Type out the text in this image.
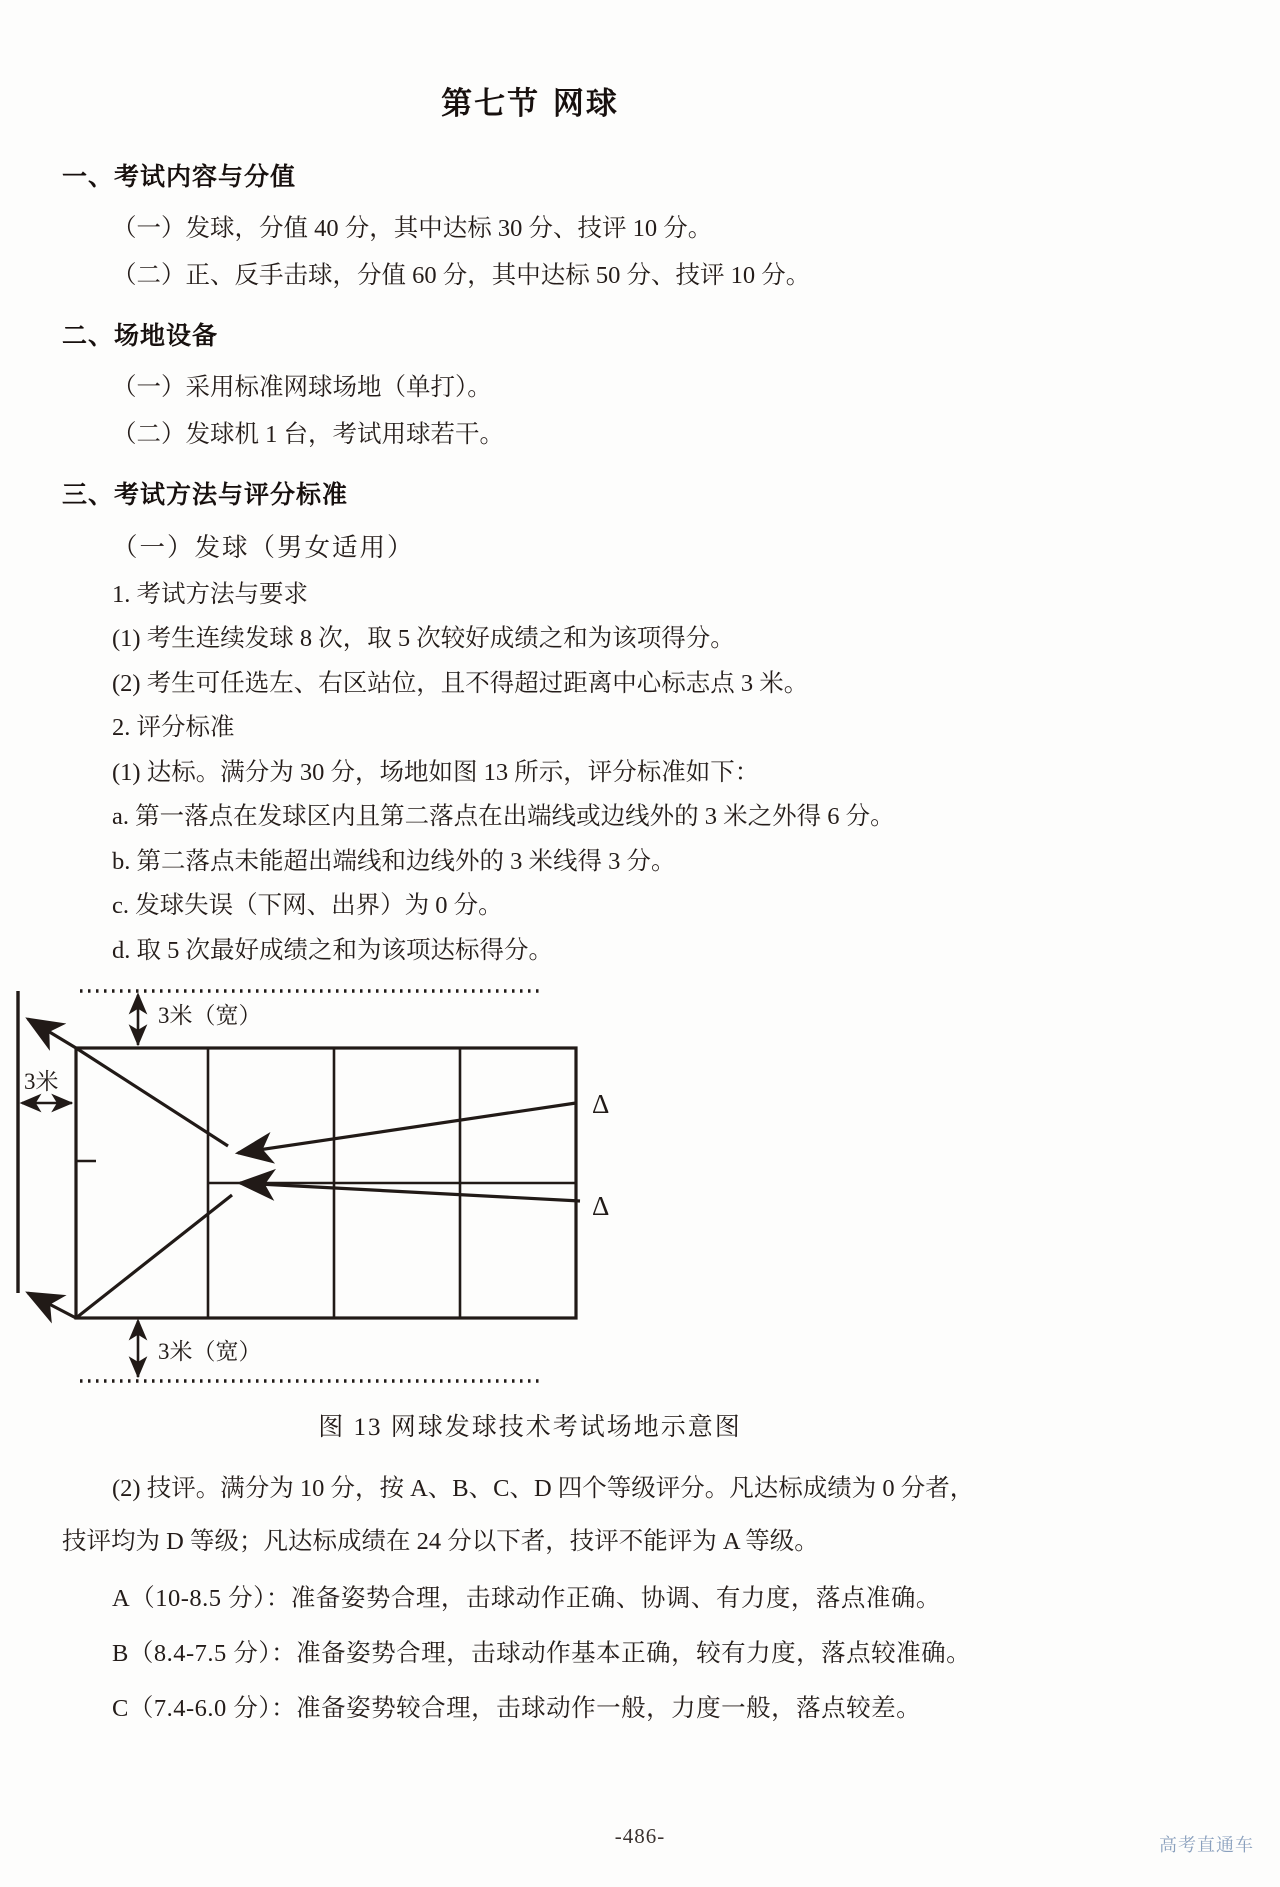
第七节 网球
一、考试内容与分值

（一）发球，分值 40 分，其中达标 30 分、技评 10 分。

（二）正、反手击球，分值 60 分，其中达标 50 分、技评 10 分。

二、场地设备

（一）采用标准网球场地（单打）。

（二）发球机 1 台，考试用球若干。

三、考试方法与评分标准

（一）发球（男女适用）

1. 考试方法与要求

(1) 考生连续发球 8 次，取 5 次较好成绩之和为该项得分。

(2) 考生可任选左、右区站位，且不得超过距离中心标志点 3 米。

2. 评分标准

(1) 达标。满分为 30 分，场地如图 13 所示，评分标准如下：

a. 第一落点在发球区内且第二落点在出端线或边线外的 3 米之外得 6 分。

b. 第二落点未能超出端线和边线外的 3 米线得 3 分。

c. 发球失误（下网、出界）为 0 分。

d. 取 5 次最好成绩之和为该项达标得分。

3米（宽）
3米
3米（宽）
Δ
Δ
图 13 网球发球技术考试场地示意图

(2) 技评。满分为 10 分，按 A、B、C、D 四个等级评分。凡达标成绩为 0 分者，

技评均为 D 等级；凡达标成绩在 24 分以下者，技评不能评为 A 等级。

A（10-8.5 分）：准备姿势合理，击球动作正确、协调、有力度，落点准确。

B（8.4-7.5 分）：准备姿势合理，击球动作基本正确，较有力度，落点较准确。

C（7.4-6.0 分）：准备姿势较合理，击球动作一般，力度一般，落点较差。

-486-	高考直通车
